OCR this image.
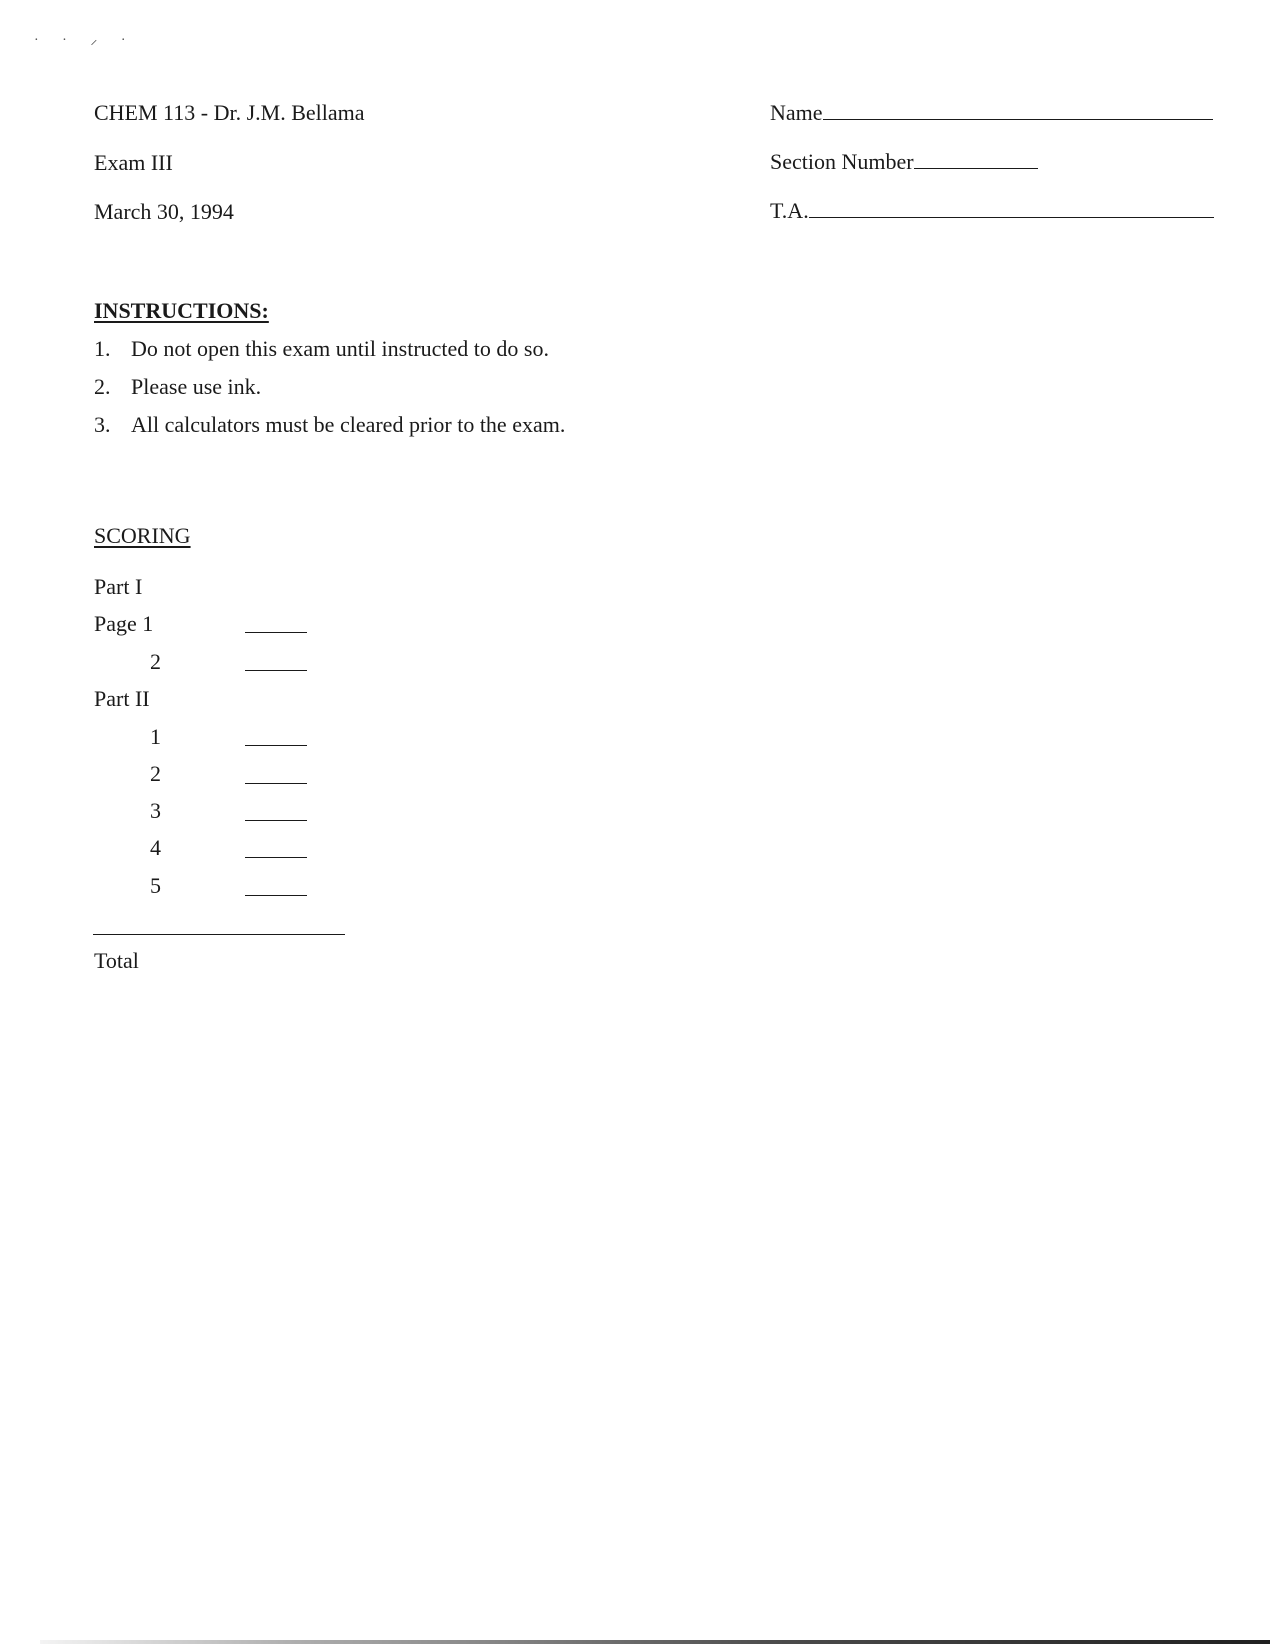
· · ⸝ ·
CHEM 113 - Dr. J.M. Bellama
Exam III
March 30, 1994
Name
Section Number
T.A.
INSTRUCTIONS:
1. Do not open this exam until instructed to do so.
2. Please use ink.
3. All calculators must be cleared prior to the exam.
SCORING
Part I
Page 1
2
Part II
1
2
3
4
5
Total
